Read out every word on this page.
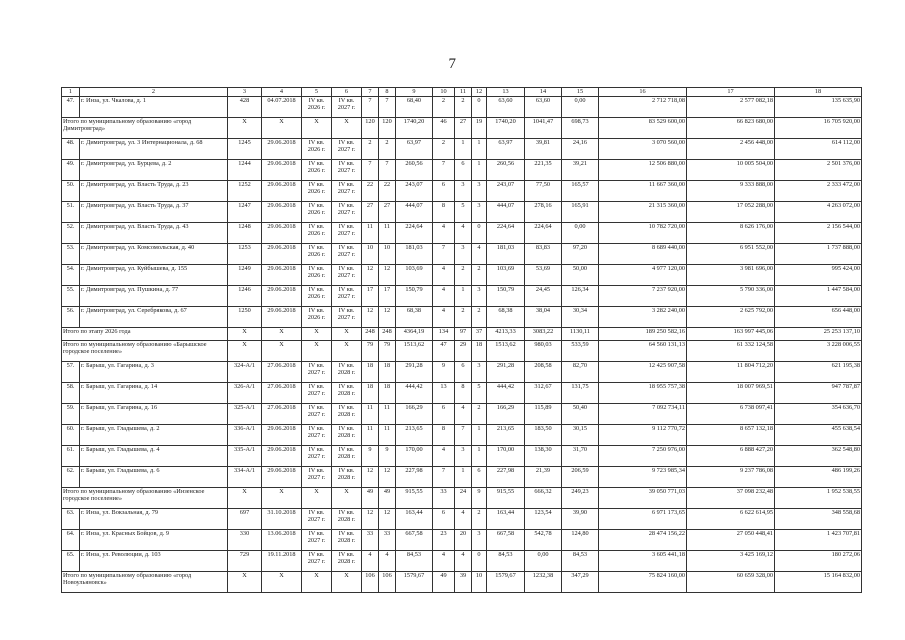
7
1	2	3	4	5	6	7	8	9	10	11	12	13	14	15	16	17	18
47.	г. Инза, ул. Чкалова, д. 1	428	04.07.2018	IV кв. 2026 г.	IV кв. 2027 г.	7	7	68,40	2	2	0	63,60	63,60	0,00	2 712 718,08	2 577 082,18	135 635,90
Итого по муниципальному образованию «город Димитровград»		X	X	X	X	120	120	1740,20	46	27	19	1740,20	1041,47	698,73	83 529 600,00	66 823 680,00	16 705 920,00
48.	г. Димитровград, ул. 3 Интернационала, д. 68	1245	29.06.2018	IV кв. 2026 г.	IV кв. 2027 г.	2	2	63,97	2	1	1	63,97	39,81	24,16	3 070 560,00	2 456 448,00	614 112,00
49.	г. Димитровград, ул. Бурцева, д. 2	1244	29.06.2018	IV кв. 2026 г.	IV кв. 2027 г.	7	7	260,56	7	6	1	260,56	221,35	39,21	12 506 880,00	10 005 504,00	2 501 376,00
50.	г. Димитровград, ул. Власть Труда, д. 23	1252	29.06.2018	IV кв. 2026 г.	IV кв. 2027 г.	22	22	243,07	6	3	3	243,07	77,50	165,57	11 667 360,00	9 333 888,00	2 333 472,00
51.	г. Димитровград, ул. Власть Труда, д. 37	1247	29.06.2018	IV кв. 2026 г.	IV кв. 2027 г.	27	27	444,07	8	5	3	444,07	278,16	165,91	21 315 360,00	17 052 288,00	4 263 072,00
52.	г. Димитровград, ул. Власть Труда, д. 43	1248	29.06.2018	IV кв. 2026 г.	IV кв. 2027 г.	11	11	224,64	4	4	0	224,64	224,64	0,00	10 782 720,00	8 626 176,00	2 156 544,00
53.	г. Димитровград, ул. Комсомольская, д. 40	1253	29.06.2018	IV кв. 2026 г.	IV кв. 2027 г.	10	10	181,03	7	3	4	181,03	83,83	97,20	8 689 440,00	6 951 552,00	1 737 888,00
54.	г. Димитровград, ул. Куйбышева, д. 155	1249	29.06.2018	IV кв. 2026 г.	IV кв. 2027 г.	12	12	103,69	4	2	2	103,69	53,69	50,00	4 977 120,00	3 981 696,00	995 424,00
55.	г. Димитровград, ул. Пушкина, д. 77	1246	29.06.2018	IV кв. 2026 г.	IV кв. 2027 г.	17	17	150,79	4	1	3	150,79	24,45	126,34	7 237 920,00	5 790 336,00	1 447 584,00
56.	г. Димитровград, ул. Серебрякова, д. 67	1250	29.06.2018	IV кв. 2026 г.	IV кв. 2027 г.	12	12	68,38	4	2	2	68,38	38,04	30,34	3 282 240,00	2 625 792,00	656 448,00
Итого по этапу 2026 года		X	X	X	X	248	248	4364,19	134	97	37	4213,33	3083,22	1130,11	189 250 582,16	163 997 445,06	25 253 137,10
Итого по муниципальному образованию «Барышское городское поселение»		X	X	X	X	79	79	1513,62	47	29	18	1513,62	980,03	533,59	64 560 131,13	61 332 124,58	3 228 006,55
57.	г. Барыш, ул. Гагарина, д. 3	324-А/1	27.06.2018	IV кв. 2027 г.	IV кв. 2028 г.	18	18	291,28	9	6	3	291,28	208,58	82,70	12 425 907,58	11 804 712,20	621 195,38
58.	г. Барыш, ул. Гагарина, д. 14	326-А/1	27.06.2018	IV кв. 2027 г.	IV кв. 2028 г.	18	18	444,42	13	8	5	444,42	312,67	131,75	18 955 757,38	18 007 969,51	947 787,87
59.	г. Барыш, ул. Гагарина, д. 16	325-А/1	27.06.2018	IV кв. 2027 г.	IV кв. 2028 г.	11	11	166,29	6	4	2	166,29	115,89	50,40	7 092 734,11	6 738 097,41	354 636,70
60.	г. Барыш, ул. Гладышева, д. 2	336-А/1	29.06.2018	IV кв. 2027 г.	IV кв. 2028 г.	11	11	213,65	8	7	1	213,65	183,50	30,15	9 112 770,72	8 657 132,18	455 638,54
61.	г. Барыш, ул. Гладышева, д. 4	335-А/1	29.06.2018	IV кв. 2027 г.	IV кв. 2028 г.	9	9	170,00	4	3	1	170,00	138,30	31,70	7 250 976,00	6 888 427,20	362 548,80
62.	г. Барыш, ул. Гладышева, д. 6	334-А/1	29.06.2018	IV кв. 2027 г.	IV кв. 2028 г.	12	12	227,98	7	1	6	227,98	21,39	206,59	9 723 985,34	9 237 786,08	486 199,26
Итого по муниципальному образованию «Инзенское городское поселение»		X	X	X	X	49	49	915,55	33	24	9	915,55	666,32	249,23	39 050 771,03	37 098 232,48	1 952 538,55
63.	г. Инза, ул. Вокзальная, д. 79	697	31.10.2018	IV кв. 2027 г.	IV кв. 2028 г.	12	12	163,44	6	4	2	163,44	123,54	39,90	6 971 173,65	6 622 614,95	348 558,68
64.	г. Инза, ул. Красных Бойцов, д. 9	330	13.06.2018	IV кв. 2027 г.	IV кв. 2028 г.	33	33	667,58	23	20	3	667,58	542,78	124,80	28 474 156,22	27 050 448,41	1 423 707,81
65.	г. Инза, ул. Революции, д. 103	729	19.11.2018	IV кв. 2027 г.	IV кв. 2028 г.	4	4	84,53	4	4	0	84,53	0,00	84,53	3 605 441,18	3 425 169,12	180 272,06
Итого по муниципальному образованию «город Новоульяновск»		X	X	X	X	106	106	1579,67	49	39	10	1579,67	1232,38	347,29	75 824 160,00	60 659 328,00	15 164 832,00
